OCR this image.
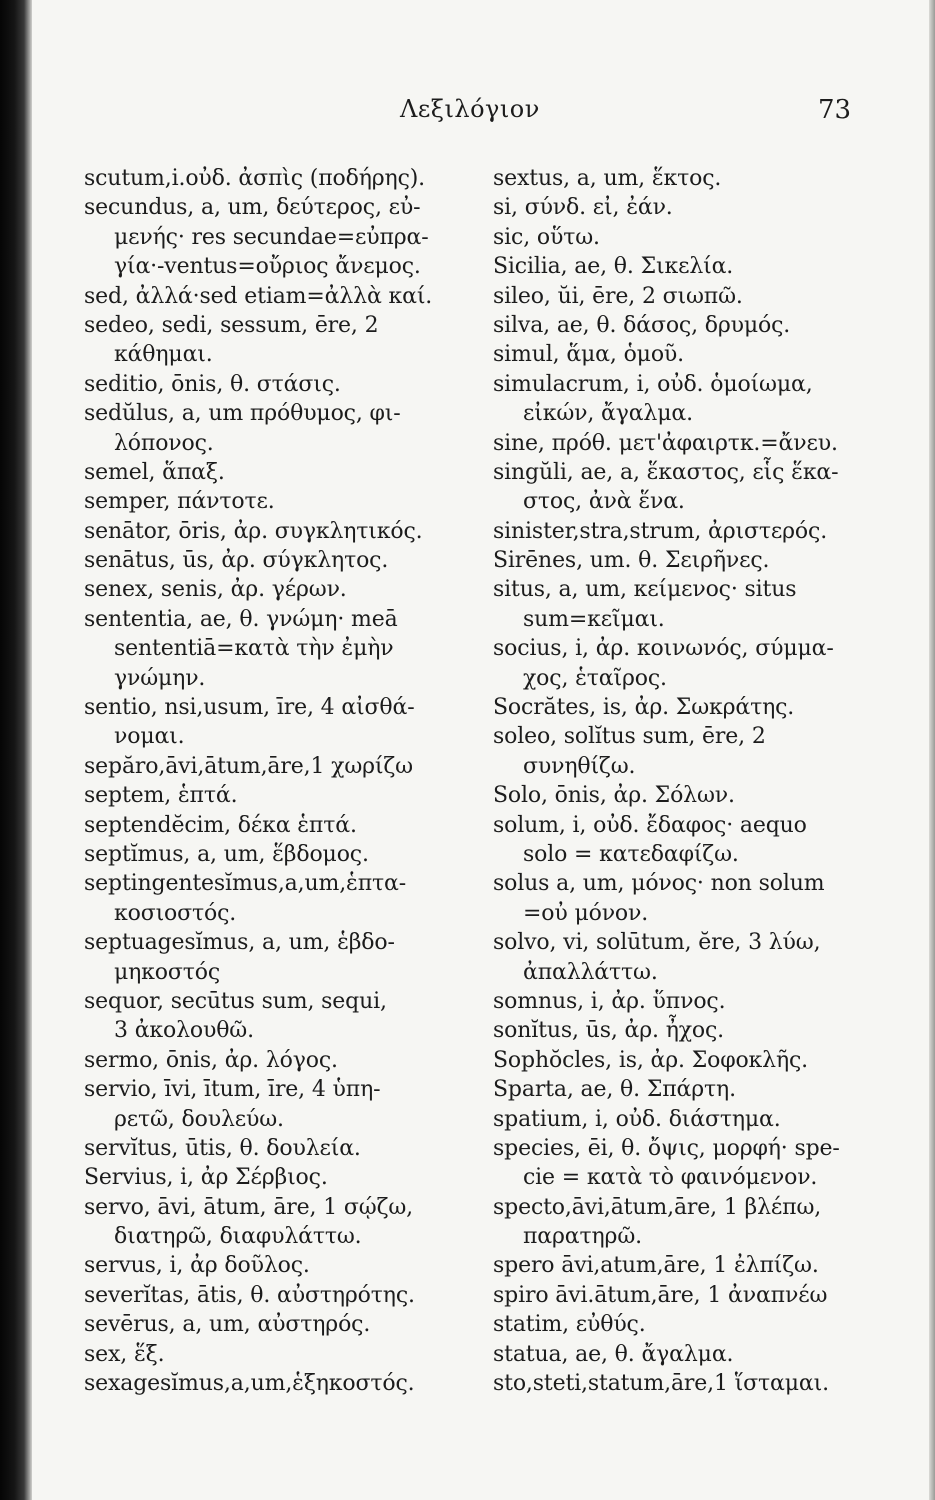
Λεξιλόγιον	73
scutum,i.οὐδ. ἀσπὶς (ποδήρης).
secundus, a, um, δεύτερος, εὐ-
μενής· res secundae=εὐπρα-
γία·-ventus=οὔριος ἄνεμος.
sed, ἀλλά·sed etiam=ἀλλὰ καί.
sedeo, sedi, sessum, ēre, 2
κάθημαι.
seditio, ōnis, θ. στάσις.
sedŭlus, a, um πρόθυμος, φι-
λόπονος.
semel, ἅπαξ.
semper, πάντοτε.
senātor, ōris, ἀρ. συγκλητικός.
senātus, ūs, ἀρ. σύγκλητος.
senex, senis, ἀρ. γέρων.
sententia, ae, θ. γνώμη· meā
sententiā=κατὰ τὴν ἐμὴν
γνώμην.
sentio, nsi,usum, īre, 4 αἰσθά-
νομαι.
sepăro,āvi,ātum,āre,1 χωρίζω
septem, ἑπτά.
septendĕcim, δέκα ἑπτά.
septĭmus, a, um, ἕβδομος.
septingentesĭmus,a,um,ἑπτα-
κοσιοστός.
septuagesĭmus, a, um, ἑβδο-
μηκοστός
sequor, secūtus sum, sequi,
3 ἀκολουθῶ.
sermo, ōnis, ἀρ. λόγος.
servio, īvi, ītum, īre, 4 ὑπη-
ρετῶ, δουλεύω.
servĭtus, ūtis, θ. δουλεία.
Servius, i, ἀρ Σέρβιος.
servo, āvi, ātum, āre, 1 σῴζω,
διατηρῶ, διαφυλάττω.
servus, i, ἀρ δοῦλος.
severĭtas, ātis, θ. αὐστηρότης.
sevērus, a, um, αὐστηρός.
sex, ἕξ.
sexagesĭmus,a,um,ἑξηκοστός.
sextus, a, um, ἕκτος.
si, σύνδ. εἰ, ἐάν.
sic, οὕτω.
Sicilia, ae, θ. Σικελία.
sileo, ŭi, ēre, 2 σιωπῶ.
silva, ae, θ. δάσος, δρυμός.
simul, ἅμα, ὁμοῦ.
simulacrum, i, οὐδ. ὁμοίωμα,
εἰκών, ἄγαλμα.
sine, πρόθ. μετ'ἀφαιρτκ.=ἄνευ.
singŭli, ae, a, ἕκαστος, εἷς ἕκα-
στος, ἀνὰ ἕνα.
sinister,stra,strum, ἀριστερός.
Sirēnes, um. θ. Σειρῆνες.
situs, a, um, κείμενος· situs
sum=κεῖμαι.
socius, i, ἀρ. κοινωνός, σύμμα-
χος, ἑταῖρος.
Socrătes, is, ἀρ. Σωκράτης.
soleo, solĭtus sum, ēre, 2
συνηθίζω.
Solo, ōnis, ἀρ. Σόλων.
solum, i, οὐδ. ἔδαφος· aequo
solo = κατεδαφίζω.
solus a, um, μόνος· non solum
=οὐ μόνον.
solvo, vi, solūtum, ĕre, 3 λύω,
ἀπαλλάττω.
somnus, i, ἀρ. ὕπνος.
sonĭtus, ūs, ἀρ. ἦχος.
Sophŏcles, is, ἀρ. Σοφοκλῆς.
Sparta, ae, θ. Σπάρτη.
spatium, i, οὐδ. διάστημα.
species, ēi, θ. ὄψις, μορφή· spe-
cie = κατὰ τὸ φαινόμενον.
specto,āvi,ātum,āre, 1 βλέπω,
παρατηρῶ.
spero āvi,atum,āre, 1 ἐλπίζω.
spiro āvi.ātum,āre, 1 ἀναπνέω
statim, εὐθύς.
statua, ae, θ. ἄγαλμα.
sto,steti,statum,āre,1 ἵσταμαι.
